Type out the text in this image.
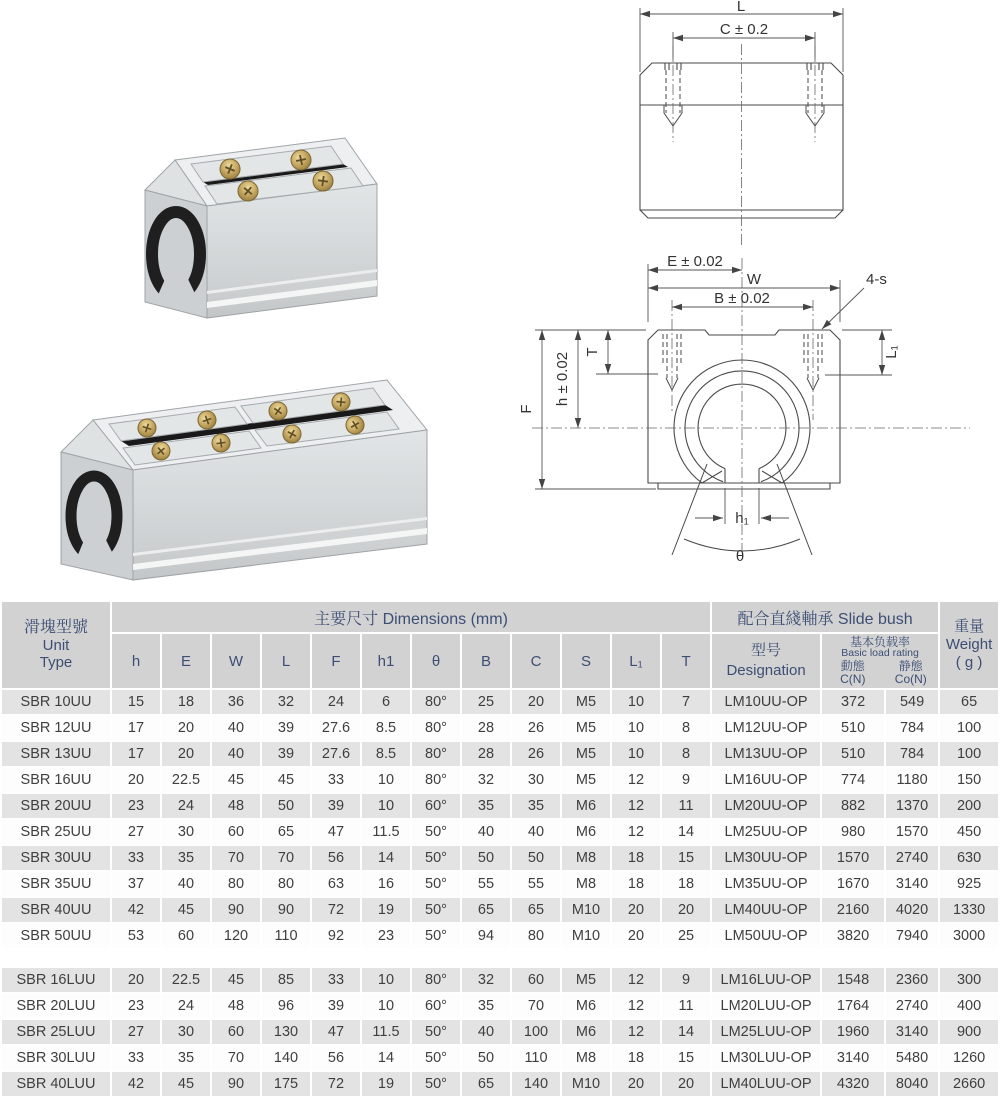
L
C ± 0.2
E ± 0.02
W
B ± 0.02
4-s
T
h ± 0.02
F
L₁
h₁
θ
滑塊型號
Unit
Type
	主要尺寸 Dimensions (mm)	配合直綫軸承 Slide bush	重量
Weight
( g )

h	E	W	L	F	h1	θ	B	C	S	L₁	T	
型号
Designation

基本负载率
Basic load rating
動態
C(N)
静態
Co(N)

SBR 10UU	15	18	36	32	24	6	80°	25	20	M5	10	7	LM10UU-OP	372	549	65
SBR 12UU	17	20	40	39	27.6	8.5	80°	28	26	M5	10	8	LM12UU-OP	510	784	100
SBR 13UU	17	20	40	39	27.6	8.5	80°	28	26	M5	10	8	LM13UU-OP	510	784	100
SBR 16UU	20	22.5	45	45	33	10	80°	32	30	M5	12	9	LM16UU-OP	774	1180	150
SBR 20UU	23	24	48	50	39	10	60°	35	35	M6	12	11	LM20UU-OP	882	1370	200
SBR 25UU	27	30	60	65	47	11.5	50°	40	40	M6	12	14	LM25UU-OP	980	1570	450
SBR 30UU	33	35	70	70	56	14	50°	50	50	M8	18	15	LM30UU-OP	1570	2740	630
SBR 35UU	37	40	80	80	63	16	50°	55	55	M8	18	18	LM35UU-OP	1670	3140	925
SBR 40UU	42	45	90	90	72	19	50°	65	65	M10	20	20	LM40UU-OP	2160	4020	1330
SBR 50UU	53	60	120	110	92	23	50°	94	80	M10	20	25	LM50UU-OP	3820	7940	3000

SBR 16LUU	20	22.5	45	85	33	10	80°	32	60	M5	12	9	LM16LUU-OP	1548	2360	300
SBR 20LUU	23	24	48	96	39	10	60°	35	70	M6	12	11	LM20LUU-OP	1764	2740	400
SBR 25LUU	27	30	60	130	47	11.5	50°	40	100	M6	12	14	LM25LUU-OP	1960	3140	900
SBR 30LUU	33	35	70	140	56	14	50°	50	110	M8	18	15	LM30LUU-OP	3140	5480	1260
SBR 40LUU	42	45	90	175	72	19	50°	65	140	M10	20	20	LM40LUU-OP	4320	8040	2660
